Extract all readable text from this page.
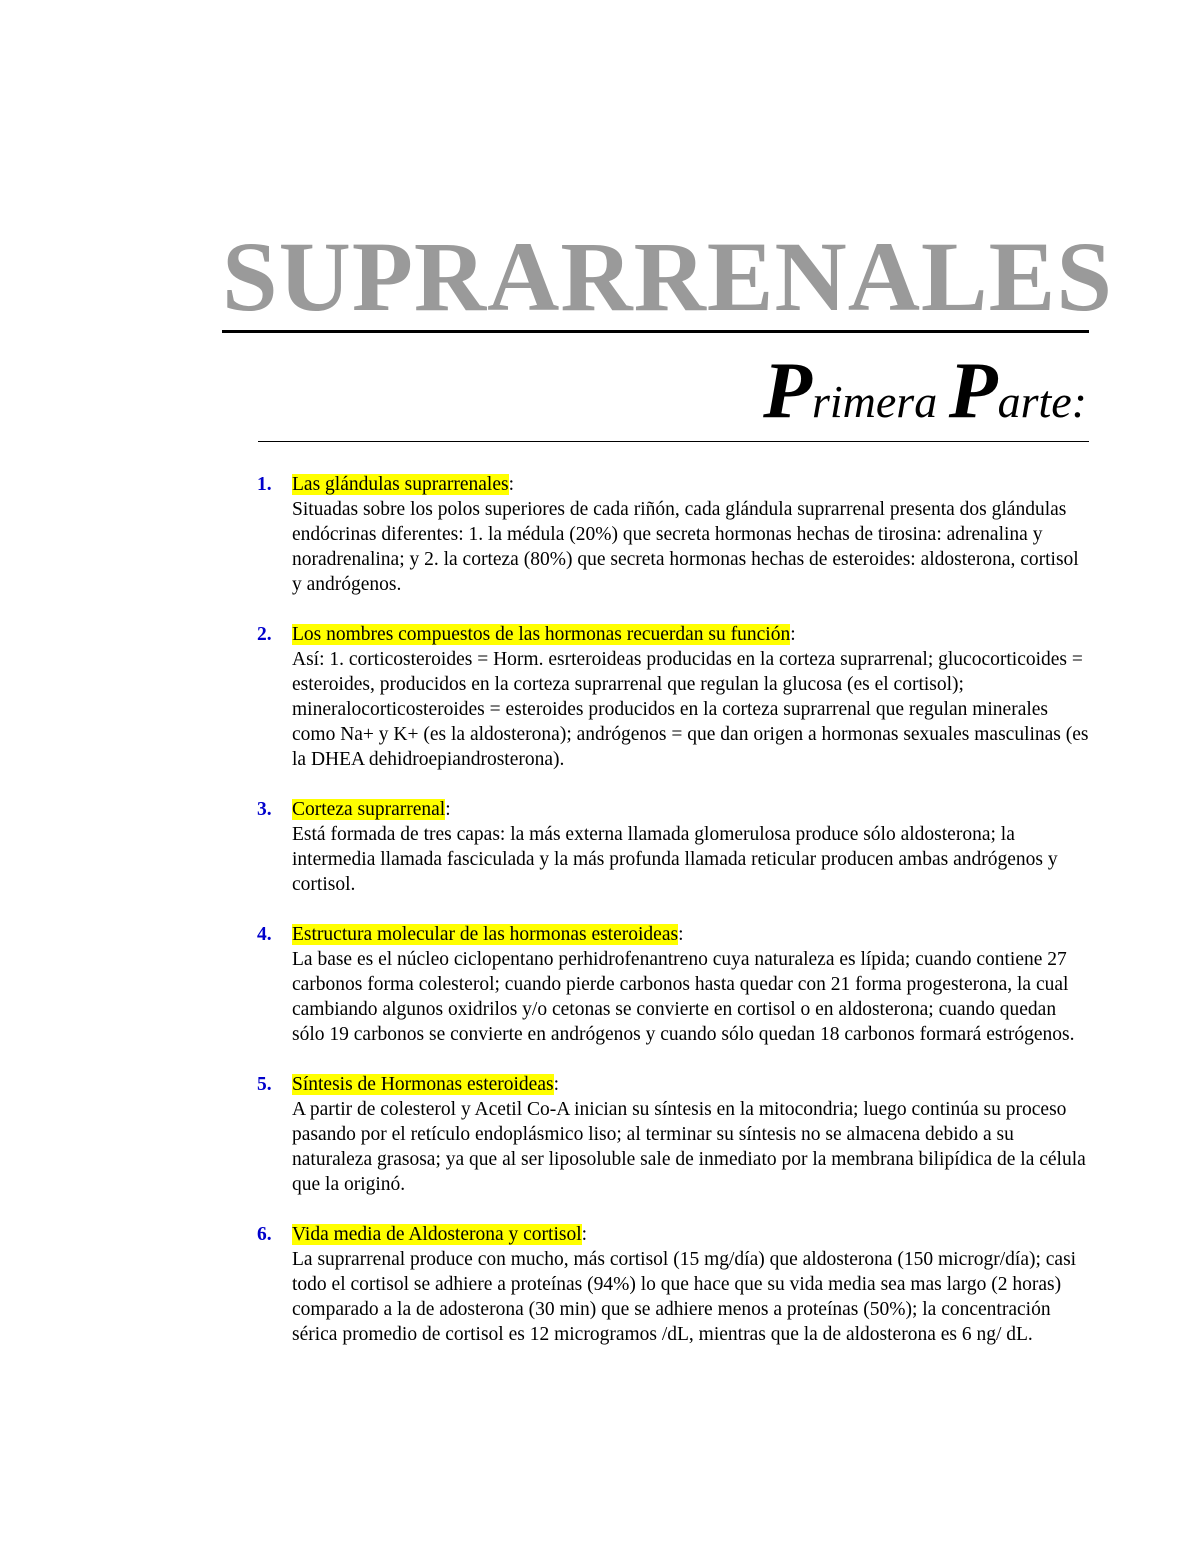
SUPRARRENALES
Primera Parte:
1. Las glándulas suprarrenales:

Situadas sobre los polos superiores de cada riñón, cada glándula suprarrenal presenta dos glándulas endócrinas diferentes: 1. la médula (20%) que secreta hormonas hechas de tirosina: adrenalina y noradrenalina; y 2. la corteza (80%) que secreta hormonas hechas de esteroides: aldosterona, cortisol y andrógenos.

2. Los nombres compuestos de las hormonas recuerdan su función:

Así: 1. corticosteroides = Horm. esrteroideas producidas en la corteza suprarrenal; glucocorticoides = esteroides, producidos en la corteza suprarrenal que regulan la glucosa (es el cortisol); mineralocorticosteroides = esteroides producidos en la corteza suprarrenal que regulan minerales como Na+ y K+ (es la aldosterona); andrógenos = que dan origen a hormonas sexuales masculinas (es la DHEA dehidroepiandrosterona).

3. Corteza suprarrenal:

Está formada de tres capas: la más externa llamada glomerulosa produce sólo aldosterona; la intermedia llamada fasciculada y la más profunda llamada reticular producen ambas andrógenos y cortisol.

4. Estructura molecular de las hormonas esteroideas:

La base es el núcleo ciclopentano perhidrofenantreno cuya naturaleza es lípida; cuando contiene 27 carbonos forma colesterol; cuando pierde carbonos hasta quedar con 21 forma progesterona, la cual cambiando algunos oxidrilos y/o cetonas se convierte en cortisol o en aldosterona; cuando quedan sólo 19 carbonos se convierte en andrógenos y cuando sólo quedan 18 carbonos formará estrógenos.

5. Síntesis de Hormonas esteroideas:

A partir de colesterol y Acetil Co-A inician su síntesis en la mitocondria; luego continúa su proceso pasando por el retículo endoplásmico liso; al terminar su síntesis no se almacena debido a su naturaleza grasosa; ya que al ser liposoluble sale de inmediato por la membrana bilipídica de la célula que la originó.

6. Vida media de Aldosterona y cortisol:

La suprarrenal produce con mucho, más cortisol (15 mg/día) que aldosterona (150 microgr/día); casi todo el cortisol se adhiere a proteínas (94%) lo que hace que su vida media sea mas largo (2 horas) comparado a la de adosterona (30 min) que se adhiere menos a proteínas (50%); la concentración sérica promedio de cortisol es 12 microgramos /dL, mientras que la de aldosterona es 6 ng/ dL.
